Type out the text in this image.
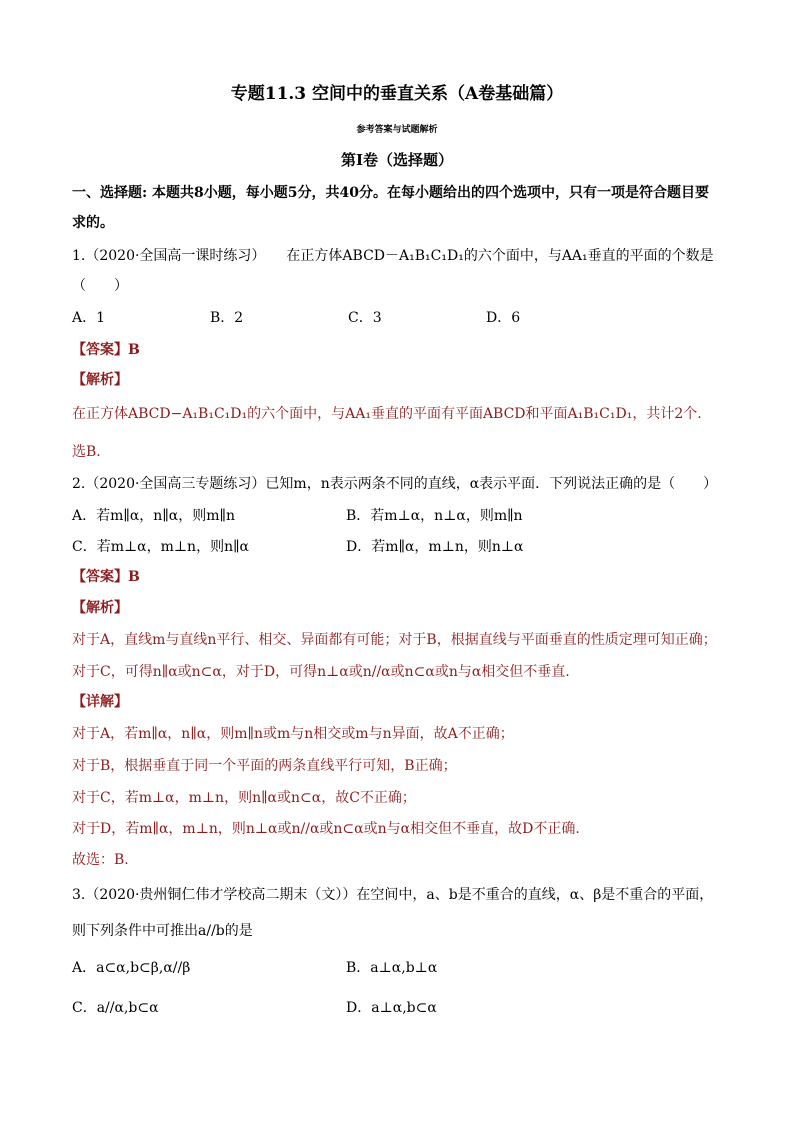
专题11.3 空间中的垂直关系（A卷基础篇）
参考答案与试题解析
第Ⅰ卷（选择题）
一、选择题: 本题共8小题，每小题5分，共40分。在每小题给出的四个选项中，只有一项是符合题目要
求的。
1.（2020·全国高一课时练习）　　在正方体ABCD－A₁B₁C₁D₁的六个面中，与AA₁垂直的平面的个数是
（　　）
A．1	B．2	C．3	D．6
【答案】B
【解析】
在正方体ABCD−A₁B₁C₁D₁的六个面中，与AA₁垂直的平面有平面ABCD和平面A₁B₁C₁D₁，共计2个.
选B.
2.（2020·全国高三专题练习）已知m，n表示两条不同的直线，α表示平面．下列说法正确的是（　　）
A．若m∥α，n∥α，则m∥n	B．若m⊥α，n⊥α，则m∥n
C．若m⊥α，m⊥n，则n∥α	D．若m∥α，m⊥n，则n⊥α
【答案】B
【解析】
对于A，直线m与直线n平行、相交、异面都有可能；对于B，根据直线与平面垂直的性质定理可知正确；
对于C，可得n∥α或n⊂α，对于D，可得n⊥α或n//α或n⊂α或n与α相交但不垂直.
【详解】
对于A，若m∥α，n∥α，则m∥n或m与n相交或m与n异面，故A不正确；
对于B，根据垂直于同一个平面的两条直线平行可知，B正确；
对于C，若m⊥α，m⊥n，则n∥α或n⊂α，故C不正确；
对于D，若m∥α，m⊥n，则n⊥α或n//α或n⊂α或n与α相交但不垂直，故D不正确.
故选：B.
3.（2020·贵州铜仁伟才学校高二期末（文））在空间中，a、b是不重合的直线，α、β是不重合的平面，
则下列条件中可推出a//b的是
A．a⊂α,b⊂β,α//β	B．a⊥α,b⊥α
C．a//α,b⊂α	D．a⊥α,b⊂α
